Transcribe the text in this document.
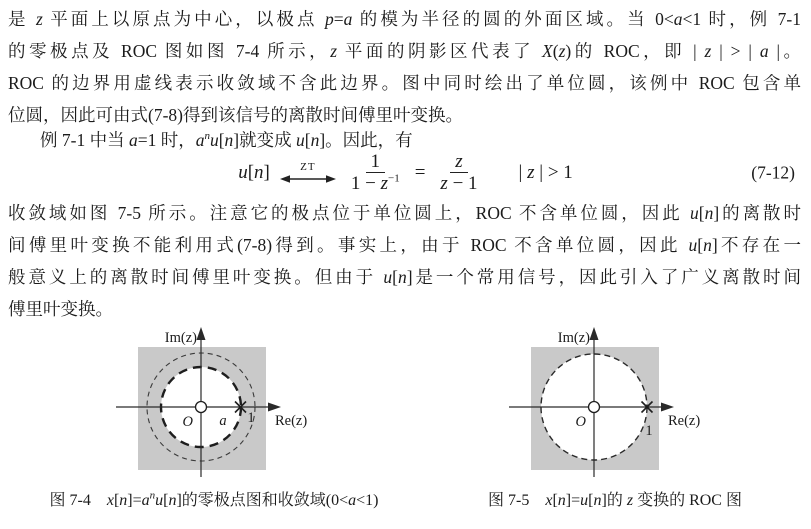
是 z 平面上以原点为中心，以极点 p=a 的模为半径的圆的外面区域。当 0<a<1 时，例 7-1
的零极点及 ROC 图如图 7-4 所示，z 平面的阴影区代表了 X(z)的 ROC，即 | z | > | a |。
ROC 的边界用虚线表示收敛域不含此边界。图中同时绘出了单位圆，该例中 ROC 包含单
位圆，因此可由式(7-8)得到该信号的离散时间傅里叶变换。
例 7-1 中当 a=1 时，$a^nu[n]$就变成 u[n]。因此，有
u[n]	ZT $\frac{1}{1 - z^{-1}} = \frac{z}{z - 1}$ | z | > 1	(7-12)
收敛域如图 7-5 所示。注意它的极点位于单位圆上，ROC 不含单位圆，因此 u[n]的离散时
间傅里叶变换不能利用式(7-8)得到。事实上，由于 ROC 不含单位圆，因此 u[n]不存在一
般意义上的离散时间傅里叶变换。但由于 u[n]是一个常用信号，因此引入了广义离散时间
傅里叶变换。
Im(z)
Re(z)
O a 1
Im(z)
Re(z)
O
1
图 7-4　$x[n]=a^nu[n]$的零极点图和收敛域(0<a<1)	图 7-5　x[n]=u[n]的 z 变换的 ROC 图
